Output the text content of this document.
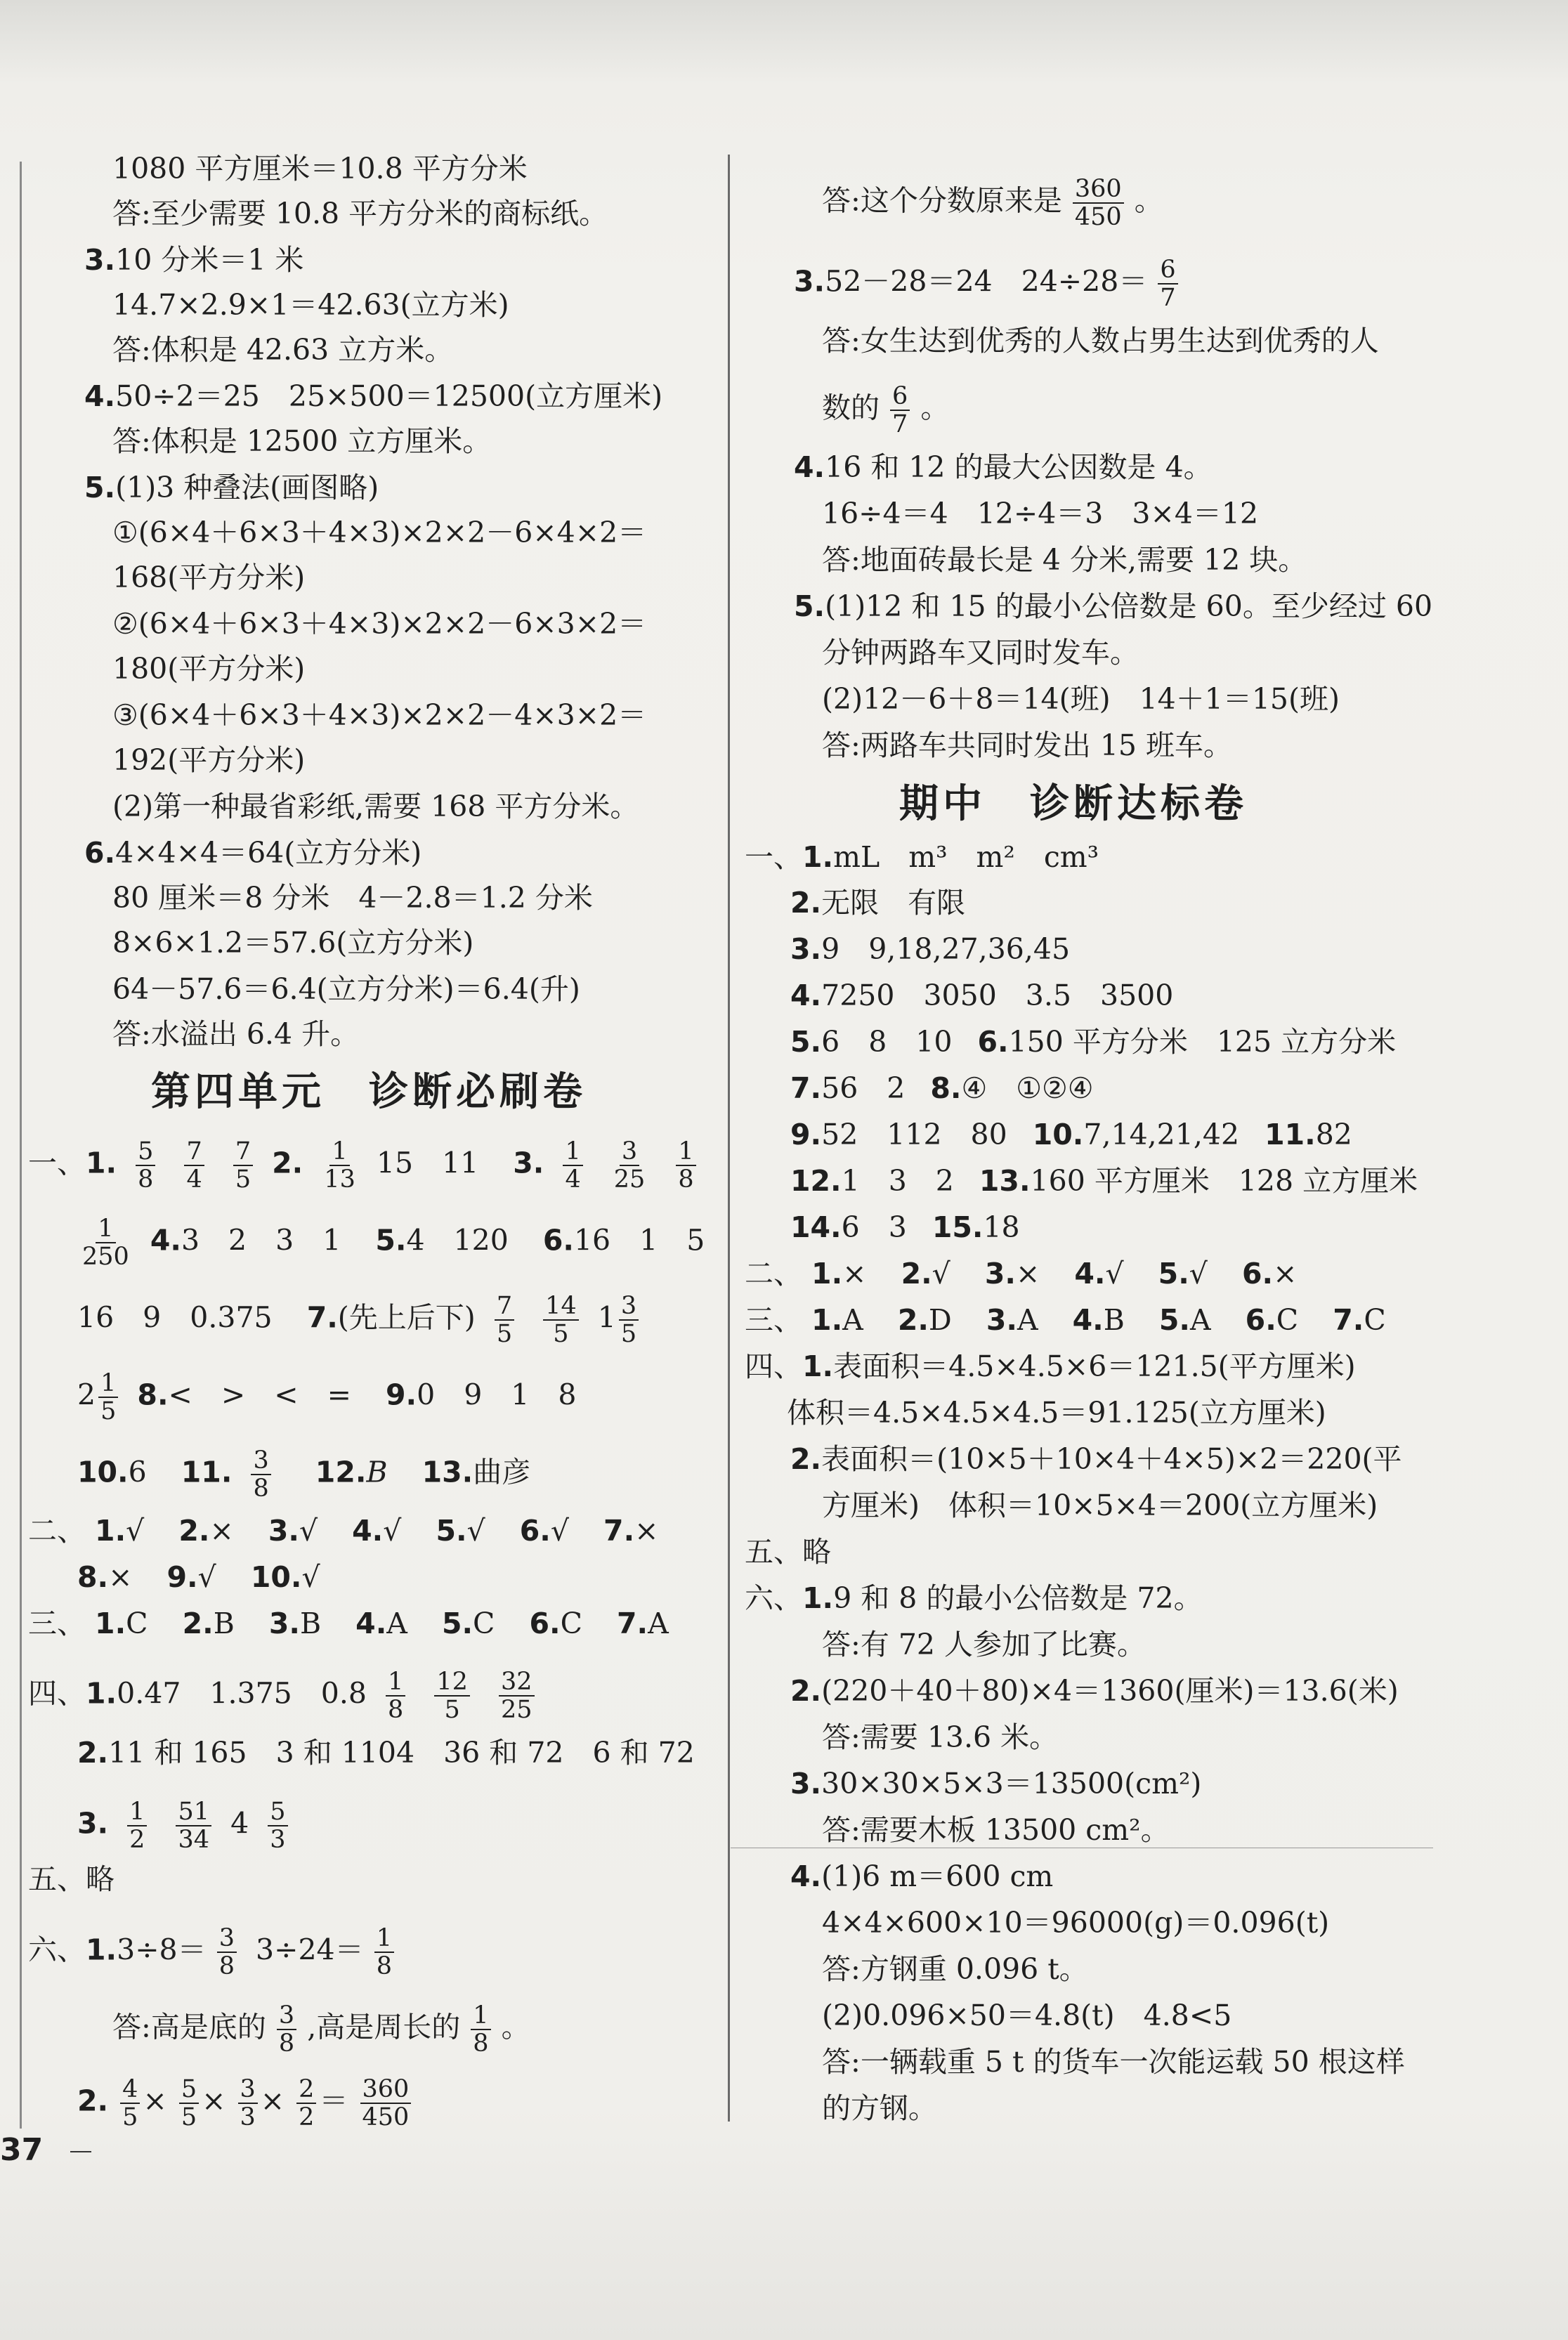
1080 平方厘米＝10.8 平方分米
答:至少需要 10.8 平方分米的商标纸。
3.10 分米＝1 米
14.7×2.9×1＝42.63(立方米)
答:体积是 42.63 立方米。
4.50÷2＝25　25×500＝12500(立方厘米)
答:体积是 12500 立方厘米。
5.(1)3 种叠法(画图略)
①(6×4＋6×3＋4×3)×2×2－6×4×2＝
168(平方分米)
②(6×4＋6×3＋4×3)×2×2－6×3×2＝
180(平方分米)
③(6×4＋6×3＋4×3)×2×2－4×3×2＝
192(平方分米)
(2)第一种最省彩纸,需要 168 平方分米。
6.4×4×4＝64(立方分米)
80 厘米＝8 分米　4－2.8＝1.2 分米
8×6×1.2＝57.6(立方分米)
64－57.6＝6.4(立方分米)＝6.4(升)
答:水溢出 6.4 升。
第四单元　诊断必刷卷
一、1. $\frac{5}{8}$
$\frac{7}{4}$
$\frac{7}{5} 2$. $\frac{1}{13} 15$　11 3. $\frac{1}{4}$
$\frac{3}{25}$
$\frac{1}{8}$
$\frac{1}{250} 4.3$　2　3　1 5.4　120 6.16　1　5
16　9　0.375 7.(先上后下) $\frac{7}{5}$
$\frac{14}{5} 1 \frac{3}{5}$
$2 \frac{1}{5} 8.<$　>　<　= 9.0　9　1　8
10.6 11. $\frac{3}{8} 12.B$ 13.曲彦
二、 1.√ 2.× 3.√ 4.√ 5.√ 6.√ 7.×
8.× 9.√ 10.√
三、 1.C 2.B 3.B 4.A 5.C 6.C 7.A
四、1.0.47　1.375　$0.8 \frac{1}{8}$
$\frac{12}{5}$
$\frac{32}{25}$
2.11 和 165　3 和 1104　36 和 72　6 和 72
3. $\frac{1}{2}$
$\frac{51}{34} 4 \frac{5}{3}$
五、略
六、$1.3\div 8= \frac{3}{8} 3\div 24= \frac{1}{8}$
答:高是底的 $\frac{3}{8}$ ,高是周长的 $\frac{1}{8}$ 。
2. $\frac{4}{5} \times \frac{5}{5} \times \frac{3}{3} \times \frac{2}{2} = \frac{360}{450}$
37
答:这个分数原来是 $\frac{360}{450}$ 。
3.52－28＝24　$24\div 28= \frac{6}{7}$
答:女生达到优秀的人数占男生达到优秀的人
数的 $\frac{6}{7}$ 。
4.16 和 12 的最大公因数是 4。
16÷4＝4　12÷4＝3　3×4＝12
答:地面砖最长是 4 分米,需要 12 块。
5.(1)12 和 15 的最小公倍数是 60。至少经过 60
分钟两路车又同时发车。
(2)12－6＋8＝14(班)　14＋1＝15(班)
答:两路车共同时发出 15 班车。
期中　诊断达标卷
一、1.mL　m³　m²　cm³
2.无限　有限
3.9　9,18,27,36,45
4.7250　3050　3.5　3500
5.6　8　10 6.150 平方分米　125 立方分米
7.56　2 8.④　①②④
9.52　112　80 10.7,14,21,42 11.82
12.1　3　2 13.160 平方厘米　128 立方厘米
14.6　3 15.18
二、 1.× 2.√ 3.× 4.√ 5.√ 6.×
三、 1.A 2.D 3.A 4.B 5.A 6.C 7.C
四、1.表面积＝4.5×4.5×6＝121.5(平方厘米)
体积＝4.5×4.5×4.5＝91.125(立方厘米)
2.表面积＝(10×5＋10×4＋4×5)×2＝220(平
方厘米)　体积＝10×5×4＝200(立方厘米)
五、略
六、1.9 和 8 的最小公倍数是 72。
答:有 72 人参加了比赛。
2.(220＋40＋80)×4＝1360(厘米)＝13.6(米)
答:需要 13.6 米。
3.30×30×5×3＝13500(cm²)
答:需要木板 13500 cm²。
4.(1)6 m＝600 cm
4×4×600×10＝96000(g)＝0.096(t)
答:方钢重 0.096 t。
(2)0.096×50＝4.8(t)　4.8<5
答:一辆载重 5 t 的货车一次能运载 50 根这样
的方钢。
